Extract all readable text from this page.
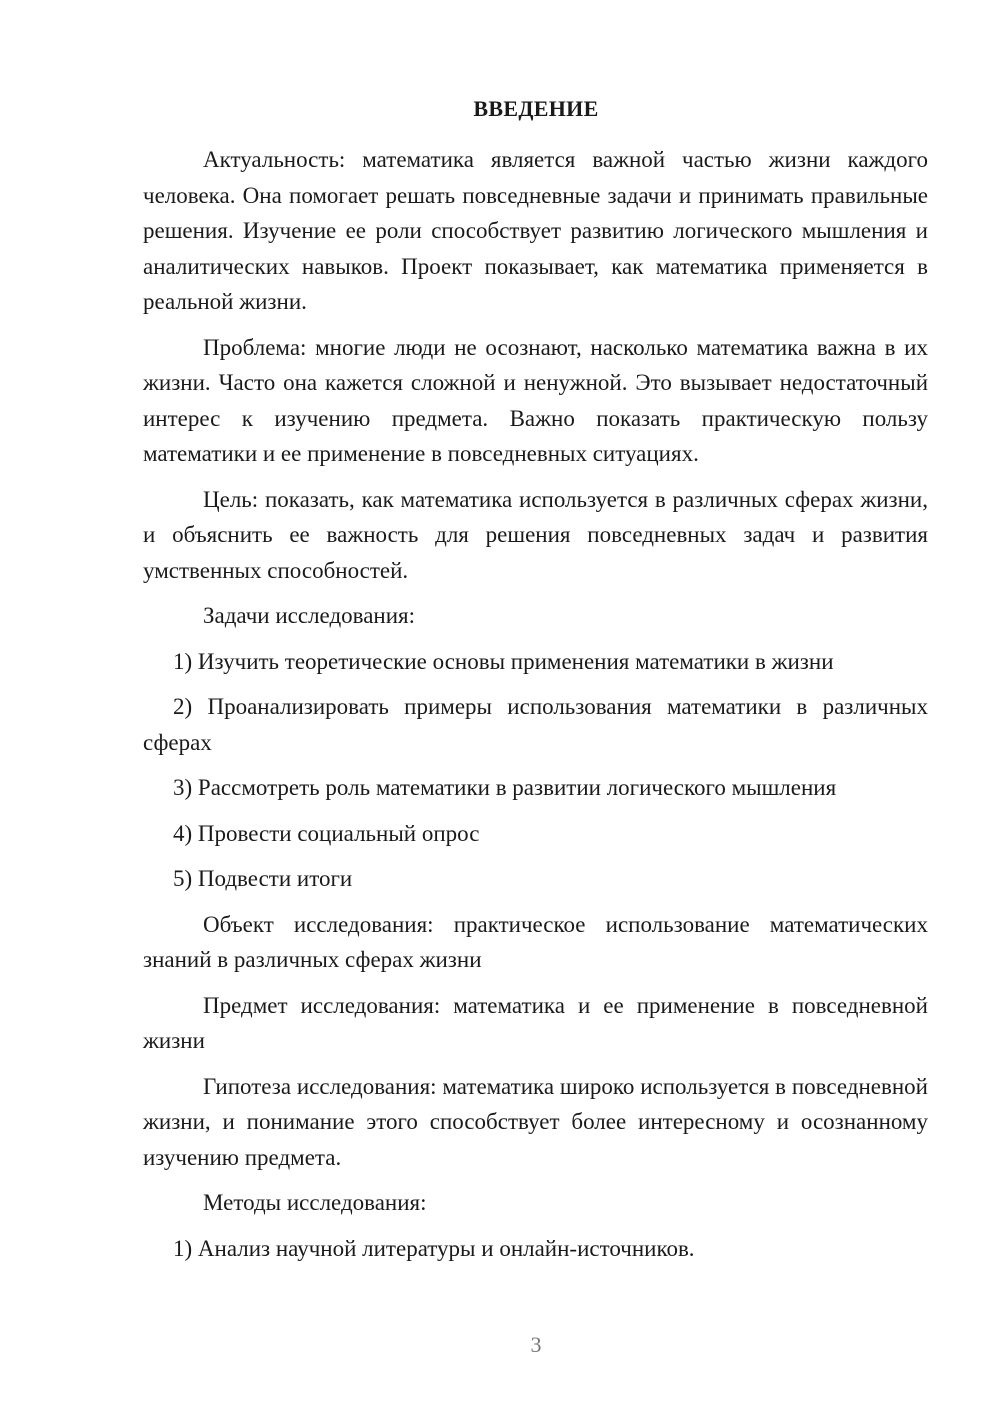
ВВЕДЕНИЕ

Актуальность: математика является важной частью жизни каждого человека. Она помогает решать повседневные задачи и принимать правильные решения. Изучение ее роли способствует развитию логического мышления и аналитических навыков. Проект показывает, как математика применяется в реальной жизни.

Проблема: многие люди не осознают, насколько математика важна в их жизни. Часто она кажется сложной и ненужной. Это вызывает недостаточный интерес к изучению предмета. Важно показать практическую пользу математики и ее применение в повседневных ситуациях.

Цель: показать, как математика используется в различных сферах жизни, и объяснить ее важность для решения повседневных задач и развития умственных способностей.

Задачи исследования:

1) Изучить теоретические основы применения математики в жизни

2) Проанализировать примеры использования математики в различных сферах

3) Рассмотреть роль математики в развитии логического мышления

4) Провести социальный опрос

5) Подвести итоги

Объект исследования: практическое использование математических знаний в различных сферах жизни

Предмет исследования: математика и ее применение в повседневной жизни

Гипотеза исследования: математика широко используется в повседневной жизни, и понимание этого способствует более интересному и осознанному изучению предмета.

Методы исследования:

1) Анализ научной литературы и онлайн-источников.

3
